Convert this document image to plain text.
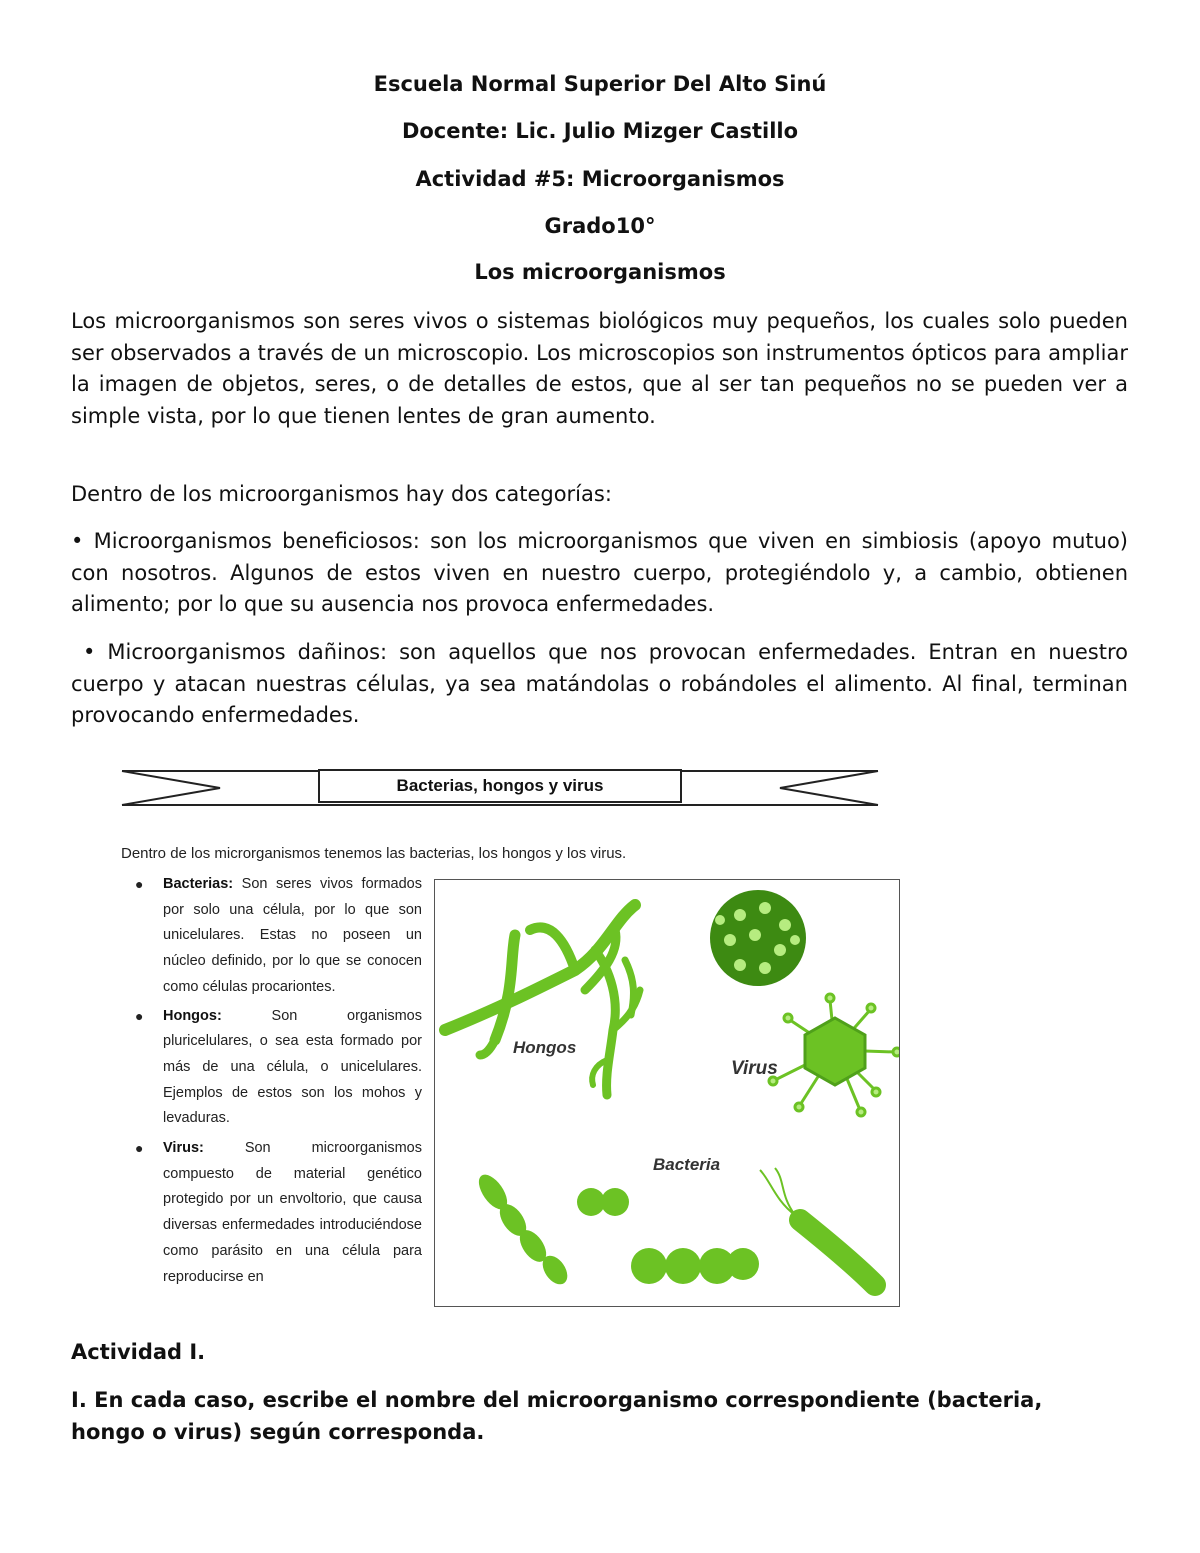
Escuela Normal Superior Del Alto Sinú
Docente: Lic. Julio Mizger Castillo
Actividad #5: Microorganismos
Grado10°
Los microorganismos
Los microorganismos son seres vivos o sistemas biológicos muy pequeños, los cuales solo pueden ser observados a través de un microscopio. Los microscopios son instrumentos ópticos para ampliar la imagen de objetos, seres, o de detalles de estos, que al ser tan pequeños no se pueden ver a simple vista, por lo que tienen lentes de gran aumento.
Dentro de los microorganismos hay dos categorías:
• Microorganismos beneficiosos: son los microorganismos que viven en simbiosis (apoyo mutuo) con nosotros. Algunos de estos viven en nuestro cuerpo, protegiéndolo y, a cambio, obtienen alimento; por lo que su ausencia nos provoca enfermedades.
• Microorganismos dañinos: son aquellos que nos provocan enfermedades. Entran en nuestro cuerpo y atacan nuestras células, ya sea matándolas o robándoles el alimento. Al final, terminan provocando enfermedades.
Bacterias, hongos y virus
Dentro de los microrganismos tenemos las bacterias, los hongos y los virus.
● Bacterias: Son seres vivos formados por solo una célula, por lo que son unicelulares. Estas no poseen un núcleo definido, por lo que se conocen como células procariontes.
● Hongos: Son organismos pluricelulares, o sea esta formado por más de una célula, o unicelulares. Ejemplos de estos son los mohos y levaduras.
● Virus: Son microorganismos compuesto de material genético protegido por un envoltorio, que causa diversas enfermedades introduciéndose como parásito en una célula para reproducirse en
Hongos
Virus
Bacteria
Actividad I.
I. En cada caso, escribe el nombre del microorganismo correspondiente (bacteria, hongo o virus) según corresponda.
